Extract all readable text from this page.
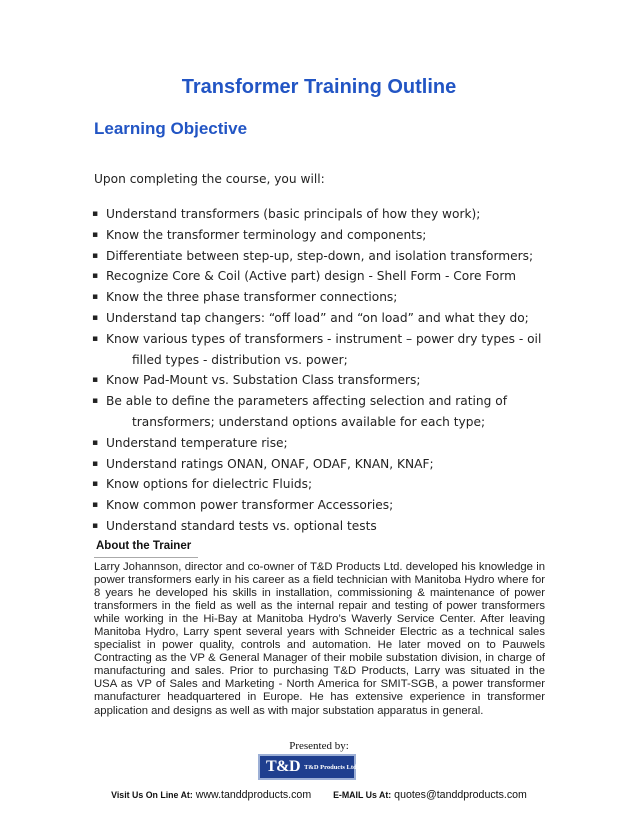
Transformer Training Outline
Learning Objective
Upon completing the course, you will:
▪ Understand transformers (basic principals of how they work);
▪ Know the transformer terminology and components;
▪ Differentiate between step-up, step-down, and isolation transformers;
▪ Recognize Core & Coil (Active part) design - Shell Form - Core Form
▪ Know the three phase transformer connections;
▪ Understand tap changers: “off load” and “on load” and what they do;
▪ Know various types of transformers - instrument – power dry types - oil
filled types - distribution vs. power;
▪ Know Pad-Mount vs. Substation Class transformers;
▪ Be able to define the parameters affecting selection and rating of
transformers; understand options available for each type;
▪ Understand temperature rise;
▪ Understand ratings ONAN, ONAF, ODAF, KNAN, KNAF;
▪ Know options for dielectric Fluids;
▪ Know common power transformer Accessories;
▪ Understand standard tests vs. optional tests
About the Trainer
Larry Johannson, director and co-owner of T&D Products Ltd. developed his knowledge in power transformers early in his career as a field technician with Manitoba Hydro where for 8 years he developed his skills in installation, commissioning & maintenance of power transformers in the field as well as the internal repair and testing of power transformers while working in the Hi-Bay at Manitoba Hydro’s Waverly Service Center. After leaving Manitoba Hydro, Larry spent several years with Schneider Electric as a technical sales specialist in power quality, controls and automation. He later moved on to Pauwels Contracting as the VP & General Manager of their mobile substation division, in charge of manufacturing and sales. Prior to purchasing T&D Products, Larry was situated in the USA as VP of Sales and Marketing - North America for SMIT-SGB, a power transformer manufacturer headquartered in Europe. He has extensive experience in transformer application and designs as well as with major substation apparatus in general.
Presented by:
T&D T&D Products Ltd
Visit Us On Line At: www.tanddproducts.com E-MAIL Us At: quotes@tanddproducts.com
